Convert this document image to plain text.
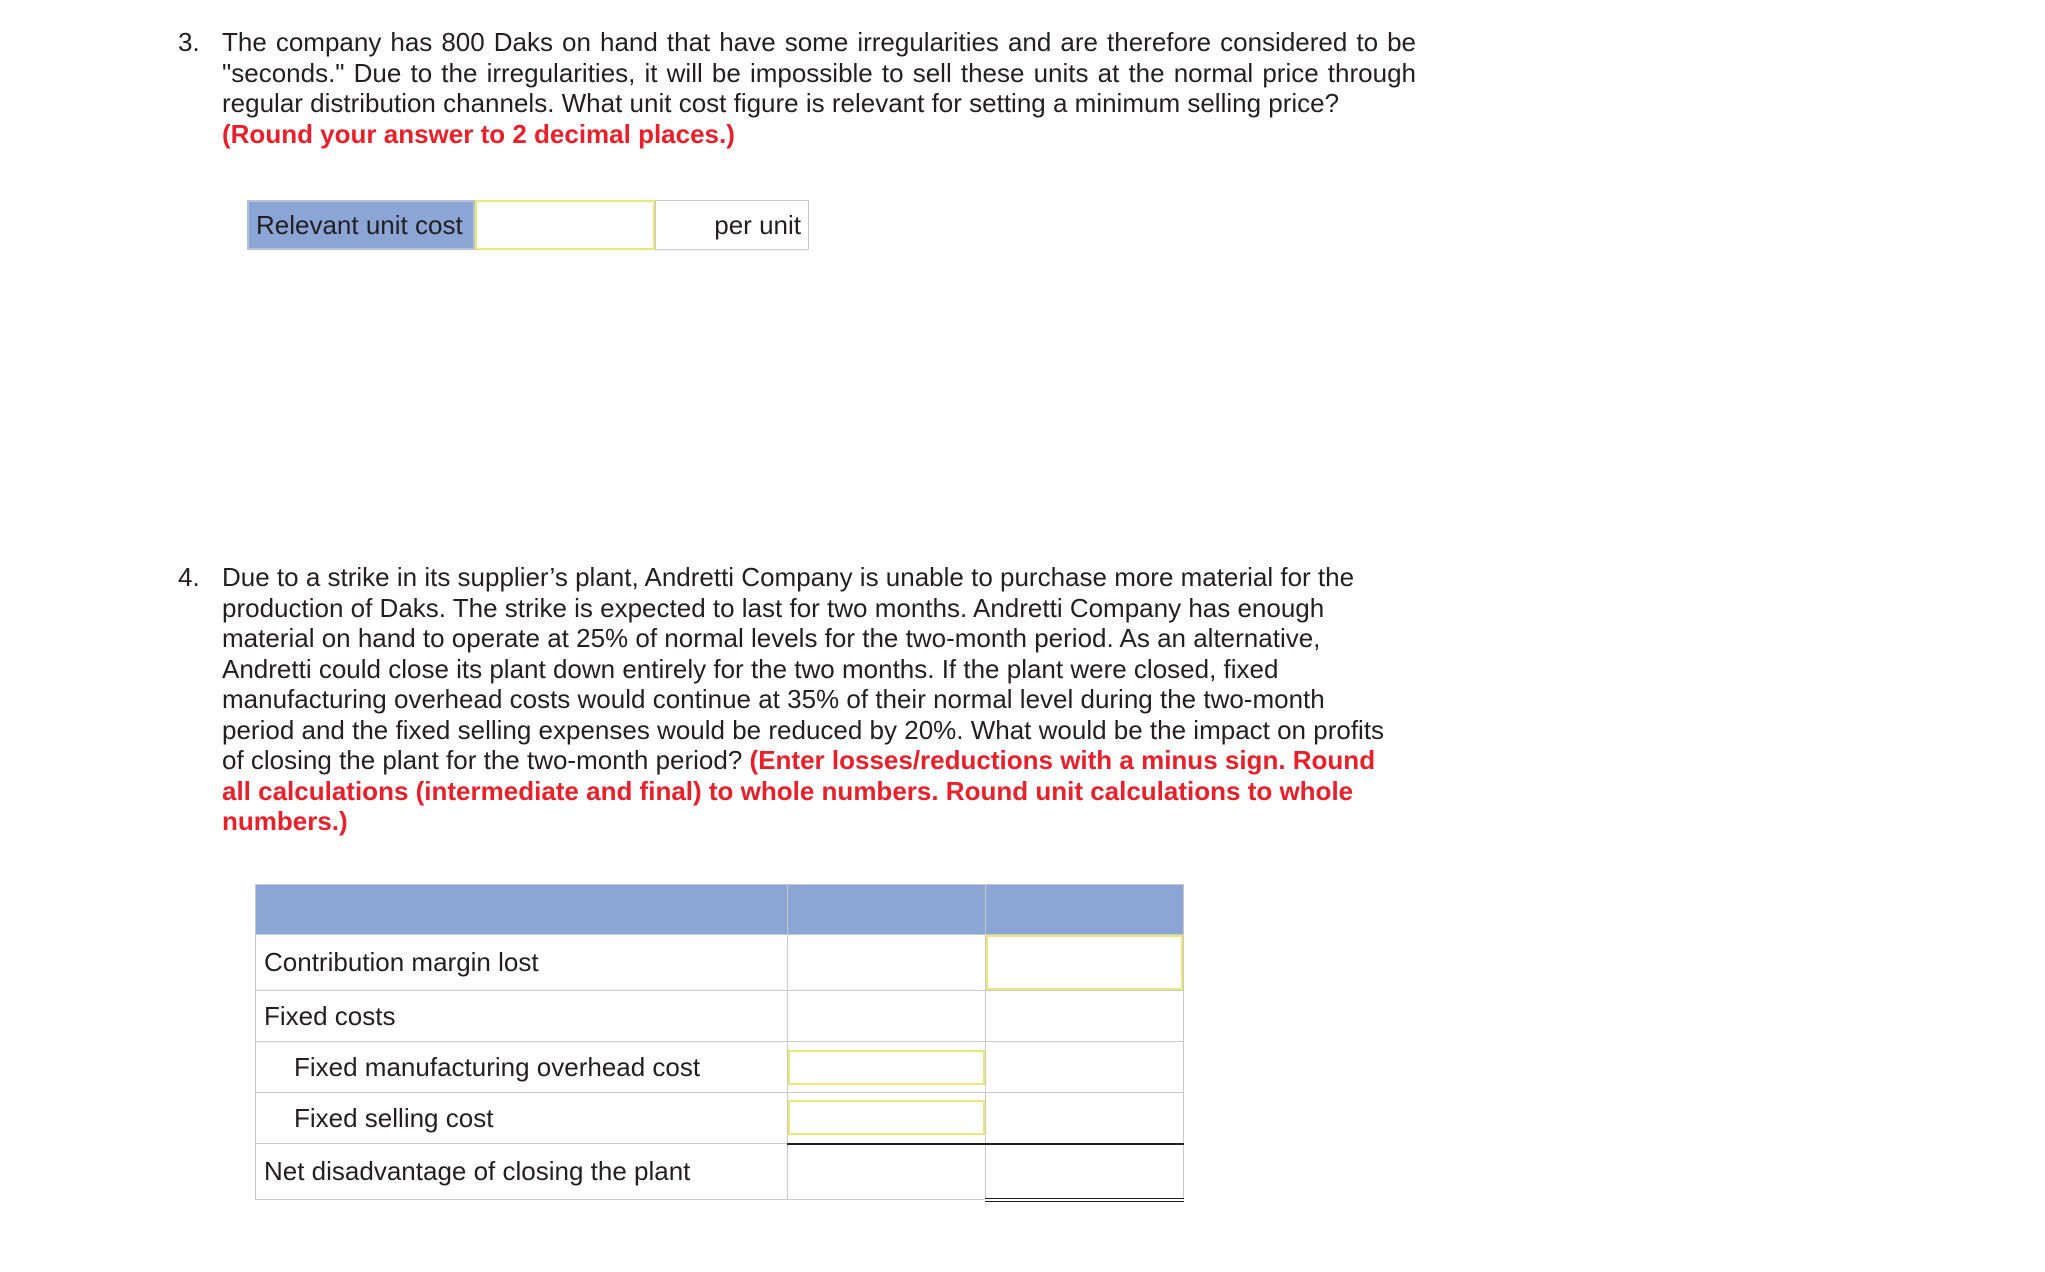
3. The company has 800 Daks on hand that have some irregularities and are therefore considered to be "seconds." Due to the irregularities, it will be impossible to sell these units at the normal price through regular distribution channels. What unit cost figure is relevant for setting a minimum selling price?
(Round your answer to 2 decimal places.)
Relevant unit cost	per unit
4. Due to a strike in its supplier’s plant, Andretti Company is unable to purchase more material for the production of Daks. The strike is expected to last for two months. Andretti Company has enough material on hand to operate at 25% of normal levels for the two-month period. As an alternative, Andretti could close its plant down entirely for the two months. If the plant were closed, fixed manufacturing overhead costs would continue at 35% of their normal level during the two-month period and the fixed selling expenses would be reduced by 20%. What would be the impact on profits of closing the plant for the two-month period? (Enter losses/reductions with a minus sign. Round all calculations (intermediate and final) to whole numbers. Round unit calculations to whole numbers.)

Contribution margin lost		

Fixed costs		
Fixed manufacturing overhead cost	

Fixed selling cost	

Net disadvantage of closing the plant		
